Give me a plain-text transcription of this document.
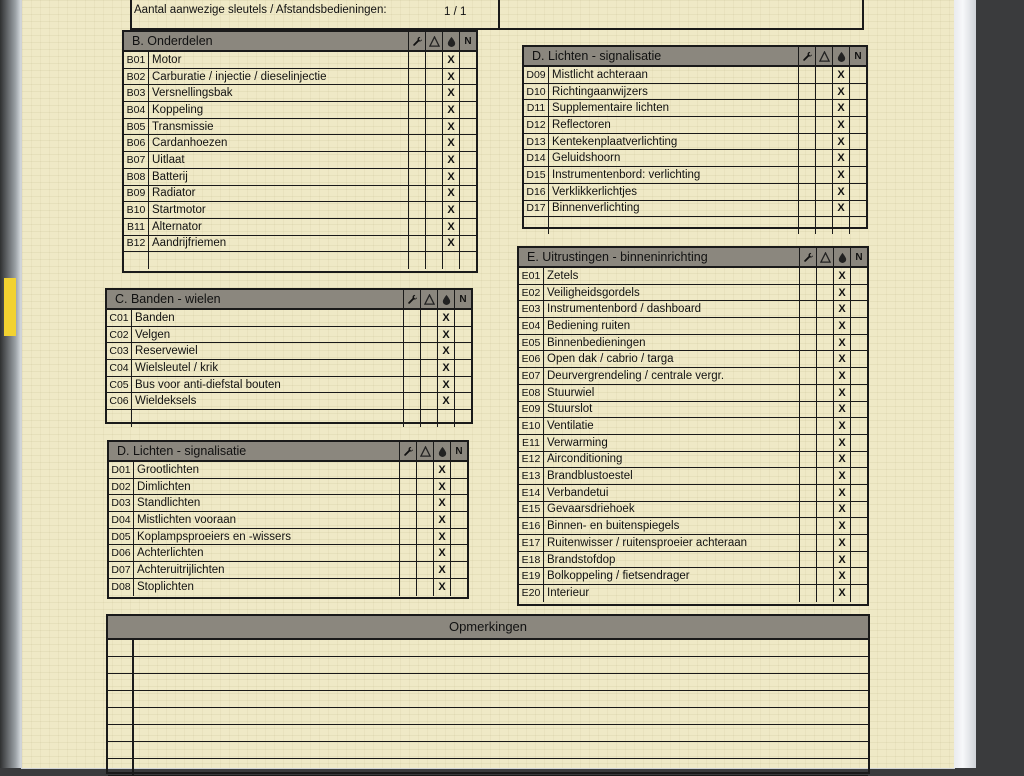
Aantal aanwezige sleutels / Afstandsbedieningen:	1 / 1
B. Onderdelen	N
B01 Motor	X
B02 Carburatie / injectie / dieselinjectie	X
B03 Versnellingsbak	X
B04 Koppeling	X
B05 Transmissie	X
B06 Cardanhoezen	X
B07 Uitlaat	X
B08 Batterij	X
B09 Radiator	X
B10 Startmotor	X
B11 Alternator	X
B12 Aandrijfriemen	X
C. Banden - wielen	N
C01 Banden	X
C02 Velgen	X
C03 Reservewiel	X
C04 Wielsleutel / krik	X
C05 Bus voor anti-diefstal bouten	X
C06 Wieldeksels	X
D. Lichten - signalisatie	N
D01 Grootlichten	X
D02 Dimlichten	X
D03 Standlichten	X
D04 Mistlichten vooraan	X
D05 Koplampsproeiers en -wissers	X
D06 Achterlichten	X
D07 Achteruitrijlichten	X
D08 Stoplichten	X
D. Lichten - signalisatie	N
D09 Mistlicht achteraan	X
D10 Richtingaanwijzers	X
D11 Supplementaire lichten	X
D12 Reflectoren	X
D13 Kentekenplaatverlichting	X
D14 Geluidshoorn	X
D15 Instrumentenbord: verlichting	X
D16 Verklikkerlichtjes	X
D17 Binnenverlichting	X
E. Uitrustingen - binneninrichting	N
E01 Zetels	X
E02 Veiligheidsgordels	X
E03 Instrumentenbord / dashboard	X
E04 Bediening ruiten	X
E05 Binnenbedieningen	X
E06 Open dak / cabrio / targa	X
E07 Deurvergrendeling / centrale vergr.	X
E08 Stuurwiel	X
E09 Stuurslot	X
E10 Ventilatie	X
E11 Verwarming	X
E12 Airconditioning	X
E13 Brandblustoestel	X
E14 Verbandetui	X
E15 Gevaarsdriehoek	X
E16 Binnen- en buitenspiegels	X
E17 Ruitenwisser / ruitensproeier achteraan	X
E18 Brandstofdop	X
E19 Bolkoppeling / fietsendrager	X
E20 Interieur	X
Opmerkingen
